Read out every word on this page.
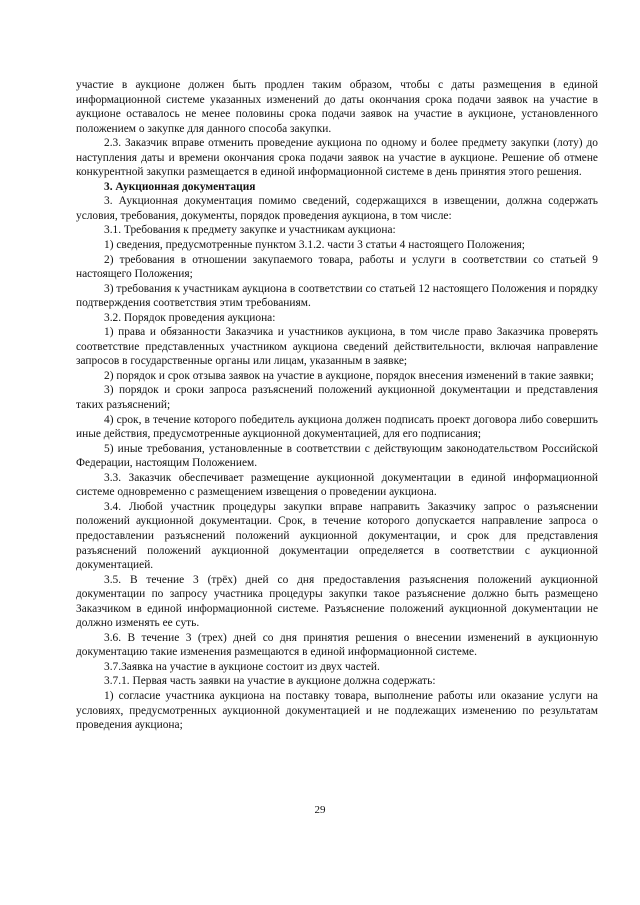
участие в аукционе должен быть продлен таким образом, чтобы с даты размещения в единой информационной системе указанных изменений до даты окончания срока подачи заявок на участие в аукционе оставалось не менее половины срока подачи заявок на участие в аукционе, установленного положением о закупке для данного способа закупки.

2.3. Заказчик вправе отменить проведение аукциона по одному и более предмету закупки (лоту) до наступления даты и времени окончания срока подачи заявок на участие в аукционе. Решение об отмене конкурентной закупки размещается в единой информационной системе в день принятия этого решения.

3. Аукционная документация

3. Аукционная документация помимо сведений, содержащихся в извещении, должна содержать условия, требования, документы, порядок проведения аукциона, в том числе:

3.1. Требования к предмету закупке и участникам аукциона:

1) сведения, предусмотренные пунктом 3.1.2. части 3 статьи 4 настоящего Положения;

2) требования в отношении закупаемого товара, работы и услуги в соответствии со статьей 9 настоящего Положения;

3) требования к участникам аукциона в соответствии со статьей 12 настоящего Положения и порядку подтверждения соответствия этим требованиям.

3.2. Порядок проведения аукциона:

1) права и обязанности Заказчика и участников аукциона, в том числе право Заказчика проверять соответствие представленных участником аукциона сведений действительности, включая направление запросов в государственные органы или лицам, указанным в заявке;

2) порядок и срок отзыва заявок на участие в аукционе, порядок внесения изменений в такие заявки;

3) порядок и сроки запроса разъяснений положений аукционной документации и представления таких разъяснений;

4) срок, в течение которого победитель аукциона должен подписать проект договора либо совершить иные действия, предусмотренные аукционной документацией, для его подписания;

5) иные требования, установленные в соответствии с действующим законодательством Российской Федерации, настоящим Положением.

3.3. Заказчик обеспечивает размещение аукционной документации в единой информационной системе одновременно с размещением извещения о проведении аукциона.

3.4. Любой участник процедуры закупки вправе направить Заказчику запрос о разъяснении положений аукционной документации. Срок, в течение которого допускается направление запроса о предоставлении разъяснений положений аукционной документации, и срок для представления разъяснений положений аукционной документации определяется в соответствии с аукционной документацией.

3.5. В течение 3 (трёх) дней со дня предоставления разъяснения положений аукционной документации по запросу участника процедуры закупки такое разъяснение должно быть размещено Заказчиком в единой информационной системе. Разъяснение положений аукционной документации не должно изменять ее суть.

3.6. В течение 3 (трех) дней со дня принятия решения о внесении изменений в аукционную документацию такие изменения размещаются в единой информационной системе.

3.7.Заявка на участие в аукционе состоит из двух частей.

3.7.1. Первая часть заявки на участие в аукционе должна содержать:

1) согласие участника аукциона на поставку товара, выполнение работы или оказание услуги на условиях, предусмотренных аукционной документацией и не подлежащих изменению по результатам проведения аукциона;

29
